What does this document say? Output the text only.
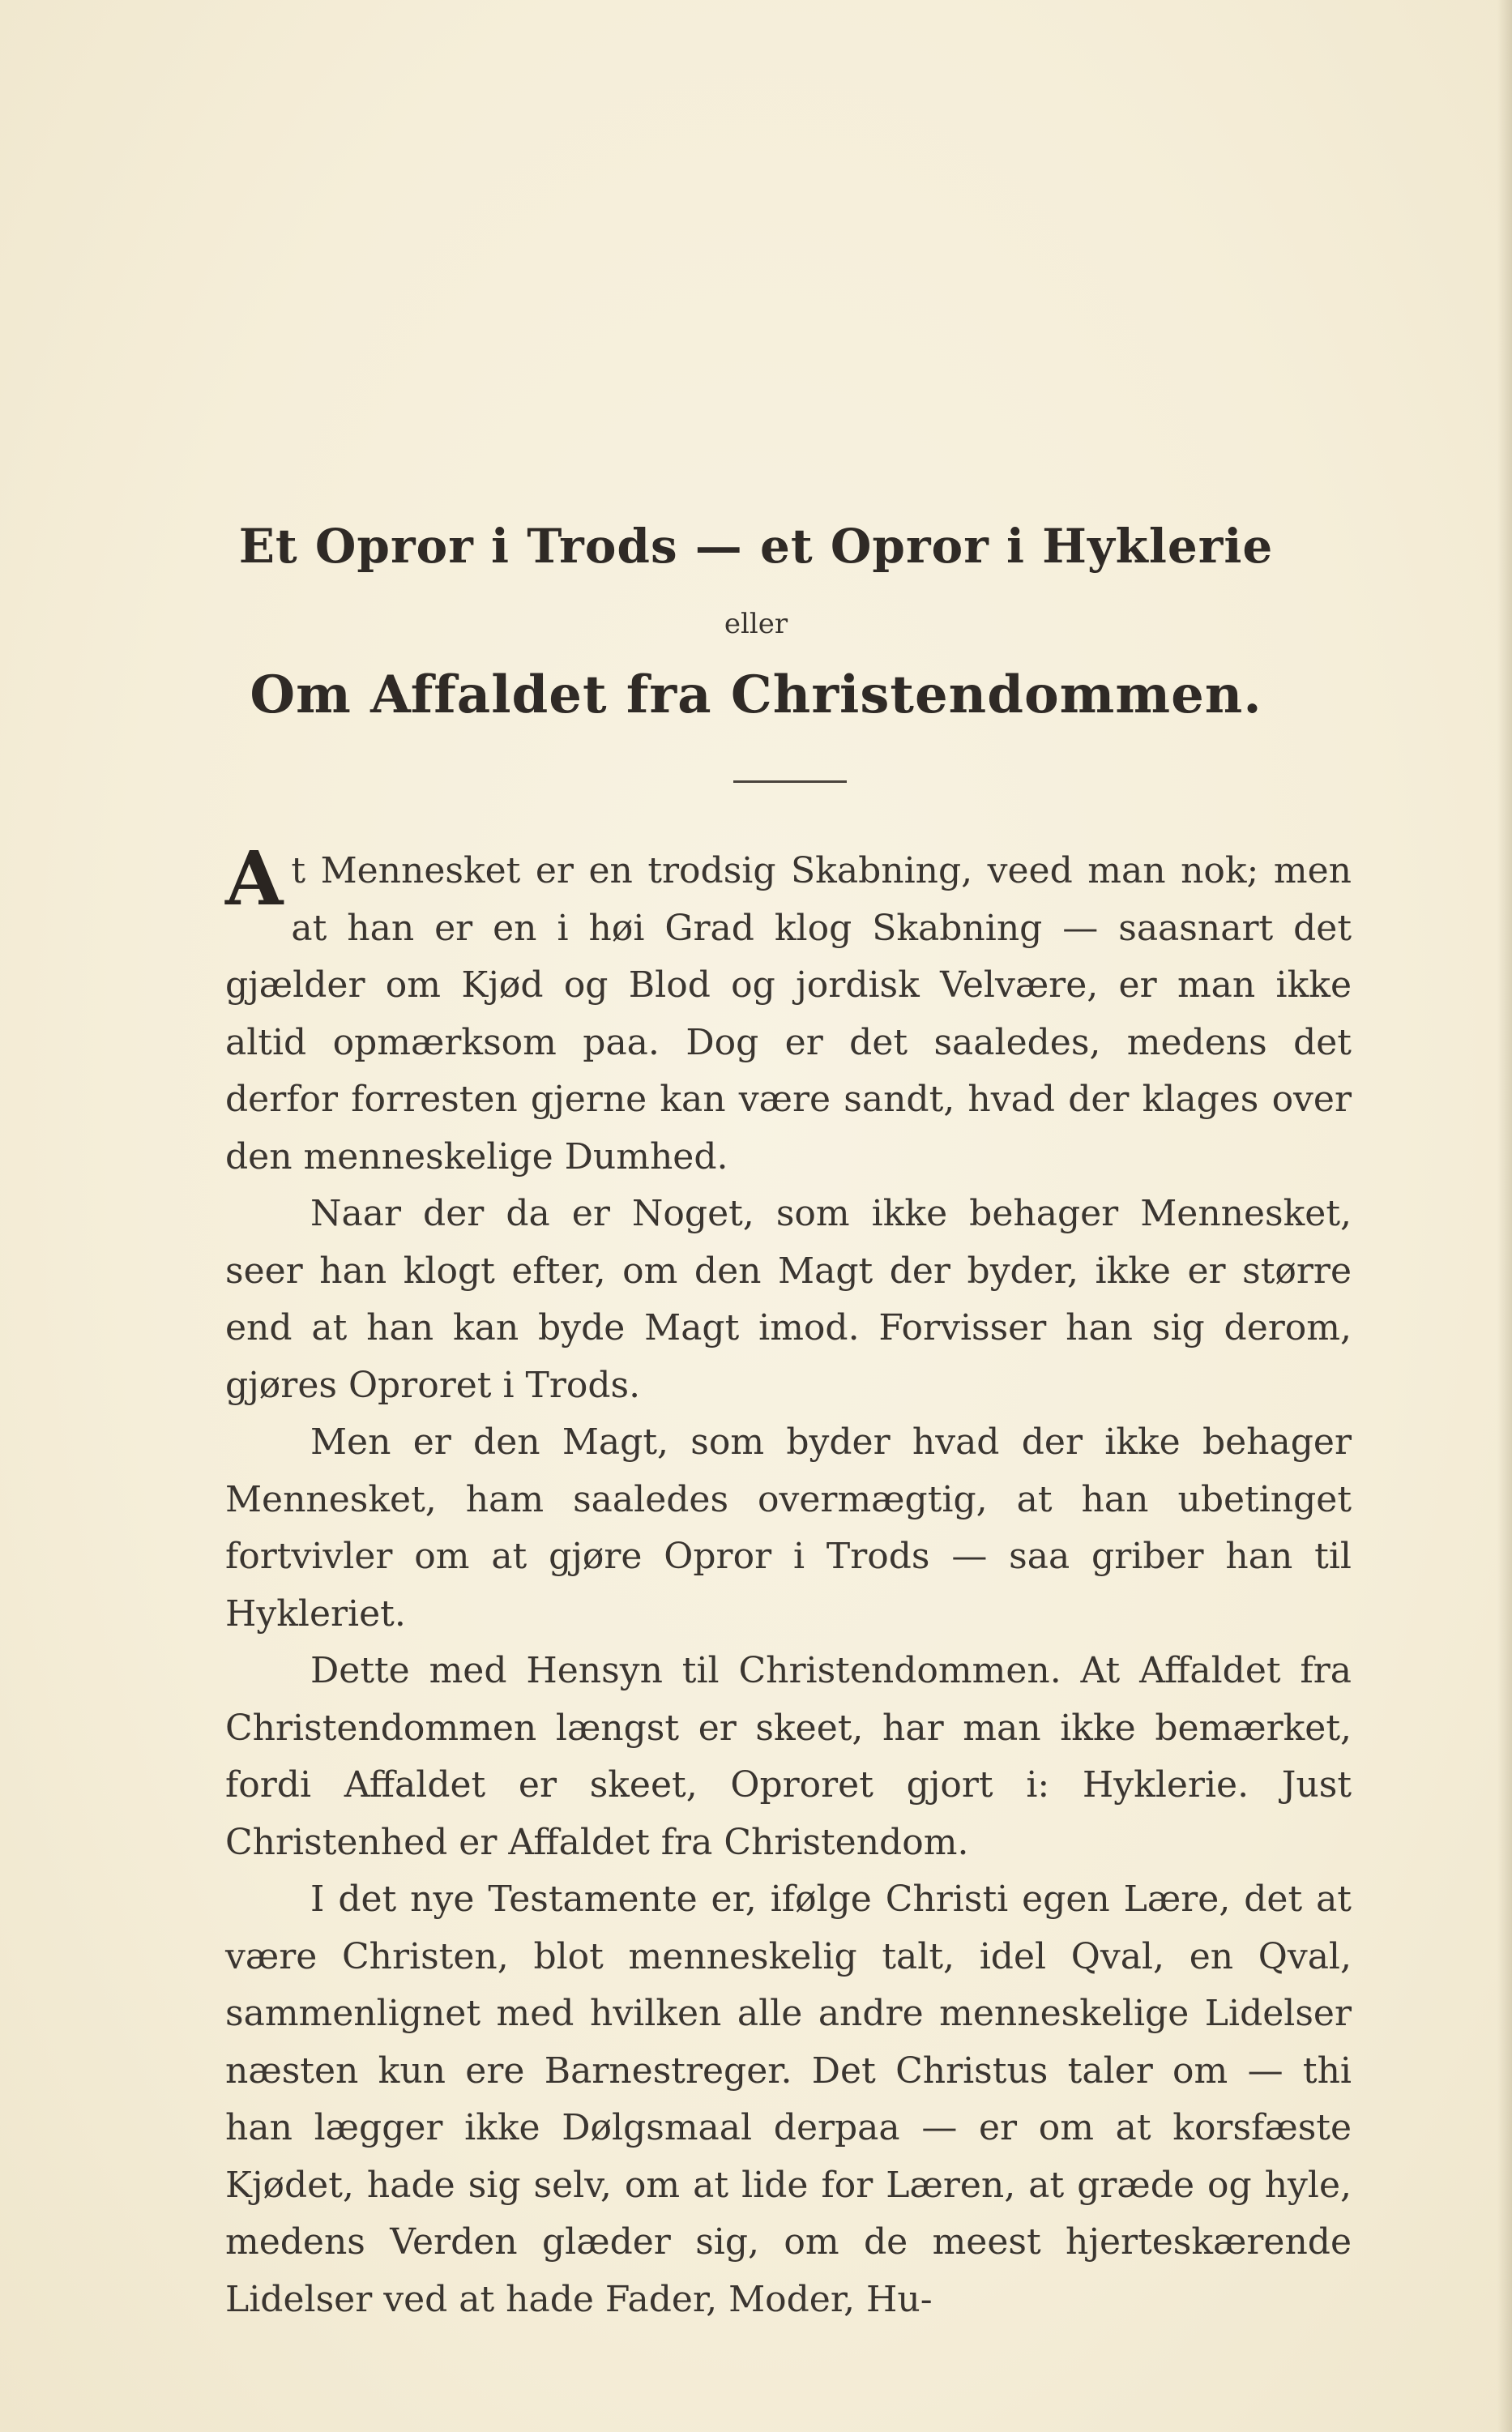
Et Opror i Trods — et Opror i Hyklerie
eller
Om Affaldet fra Christendommen.

At Mennesket er en trodsig Skabning, veed man nok; men at han er en i høi Grad klog Skabning — saasnart det gjælder om Kjød og Blod og jordisk Velvære, er man ikke altid opmærksom paa. Dog er det saaledes, medens det derfor forresten gjerne kan være sandt, hvad der klages over den menneskelige Dumhed.

Naar der da er Noget, som ikke behager Mennesket, seer han klogt efter, om den Magt der byder, ikke er større end at han kan byde Magt imod. Forvisser han sig derom, gjøres Oproret i Trods.

Men er den Magt, som byder hvad der ikke behager Mennesket, ham saaledes overmægtig, at han ubetinget fortvivler om at gjøre Opror i Trods — saa griber han til Hykleriet.

Dette med Hensyn til Christendommen. At Affaldet fra Christendommen længst er skeet, har man ikke bemærket, fordi Affaldet er skeet, Oproret gjort i: Hyklerie. Just Christenhed er Affaldet fra Christendom.

I det nye Testamente er, ifølge Christi egen Lære, det at være Christen, blot menneskelig talt, idel Qval, en Qval, sammenlignet med hvilken alle andre menneskelige Lidelser næsten kun ere Barnestreger. Det Christus taler om — thi han lægger ikke Dølgsmaal derpaa — er om at korsfæste Kjødet, hade sig selv, om at lide for Læren, at græde og hyle, medens Verden glæder sig, om de meest hjerteskærende Lidelser ved at hade Fader, Moder, Hu-
